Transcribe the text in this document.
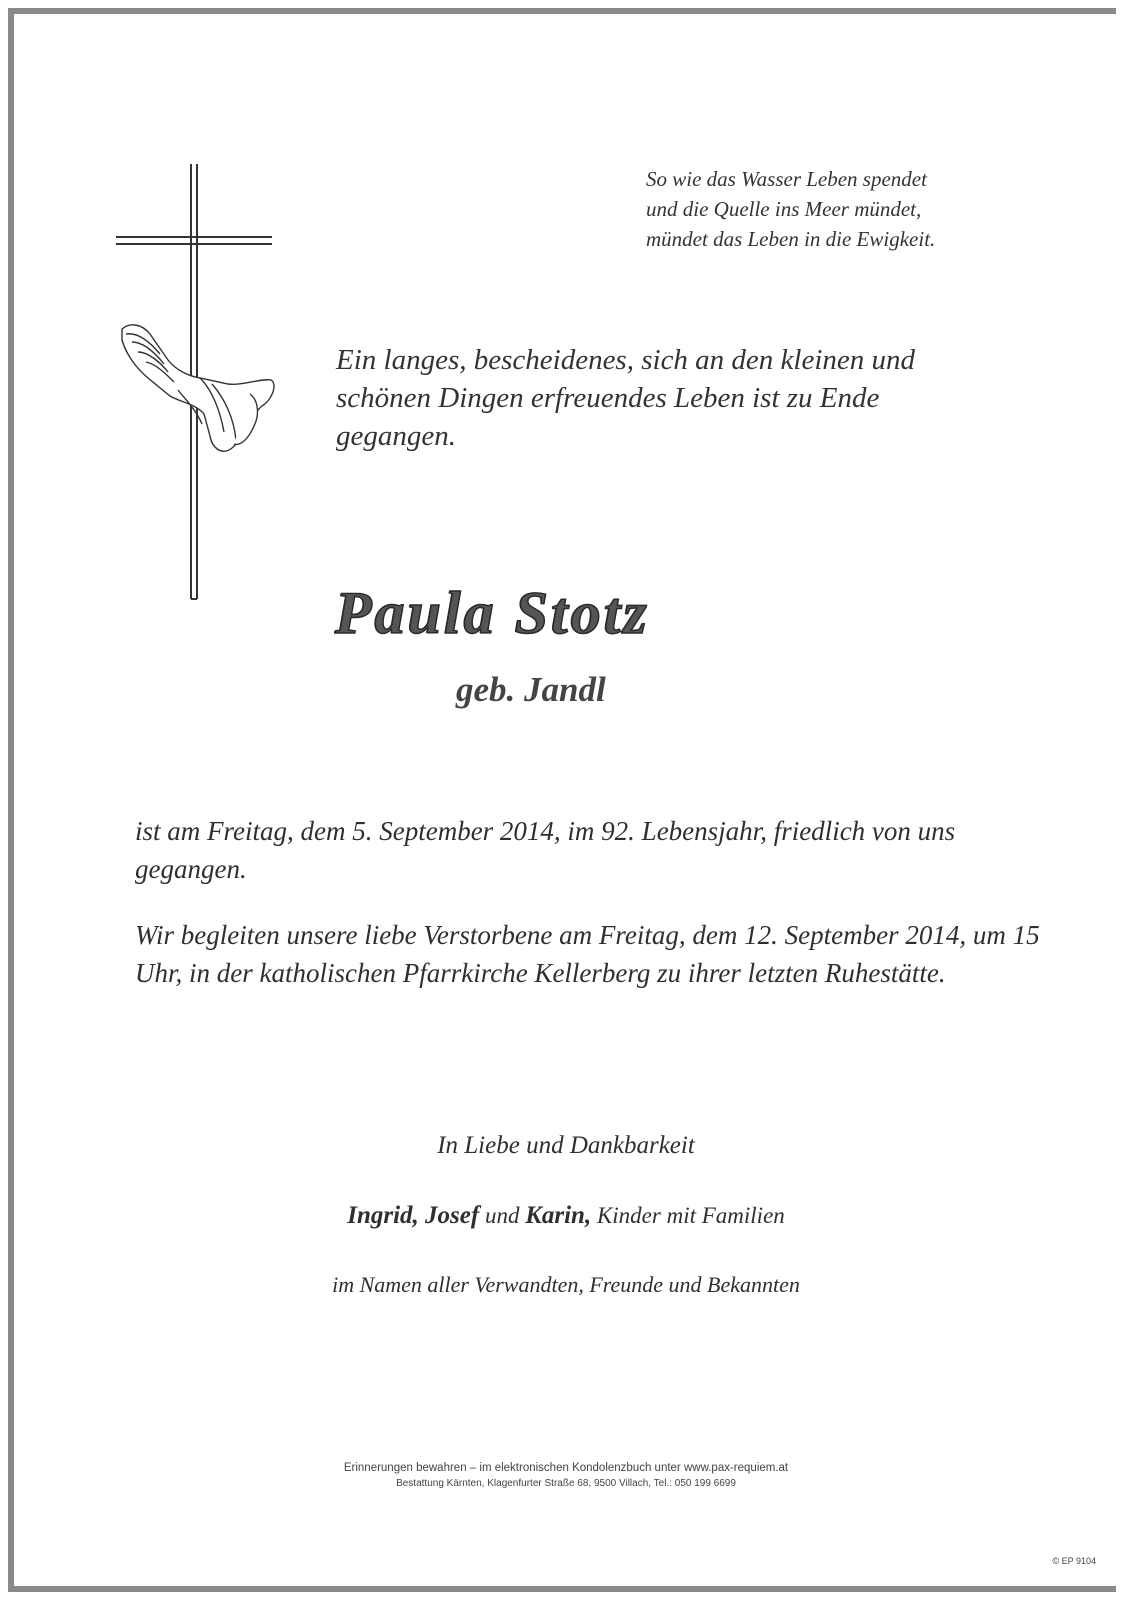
So wie das Wasser Leben spendet
und die Quelle ins Meer mündet,
mündet das Leben in die Ewigkeit.
Ein langes, bescheidenes, sich an den kleinen und schönen Dingen erfreuendes Leben ist zu Ende gegangen.
Paula Stotz
geb. Jandl
ist am Freitag, dem 5. September 2014, im 92. Lebensjahr, friedlich von uns gegangen.
Wir begleiten unsere liebe Verstorbene am Freitag, dem 12. September 2014, um 15 Uhr, in der katholischen Pfarrkirche Kellerberg zu ihrer letzten Ruhestätte.
In Liebe und Dankbarkeit
Ingrid, Josef und Karin, Kinder mit Familien
im Namen aller Verwandten, Freunde und Bekannten
Erinnerungen bewahren – im elektronischen Kondolenzbuch unter www.pax-requiem.at
Bestattung Kärnten, Klagenfurter Straße 68, 9500 Villach, Tel.: 050 199 6699
© EP 9104
